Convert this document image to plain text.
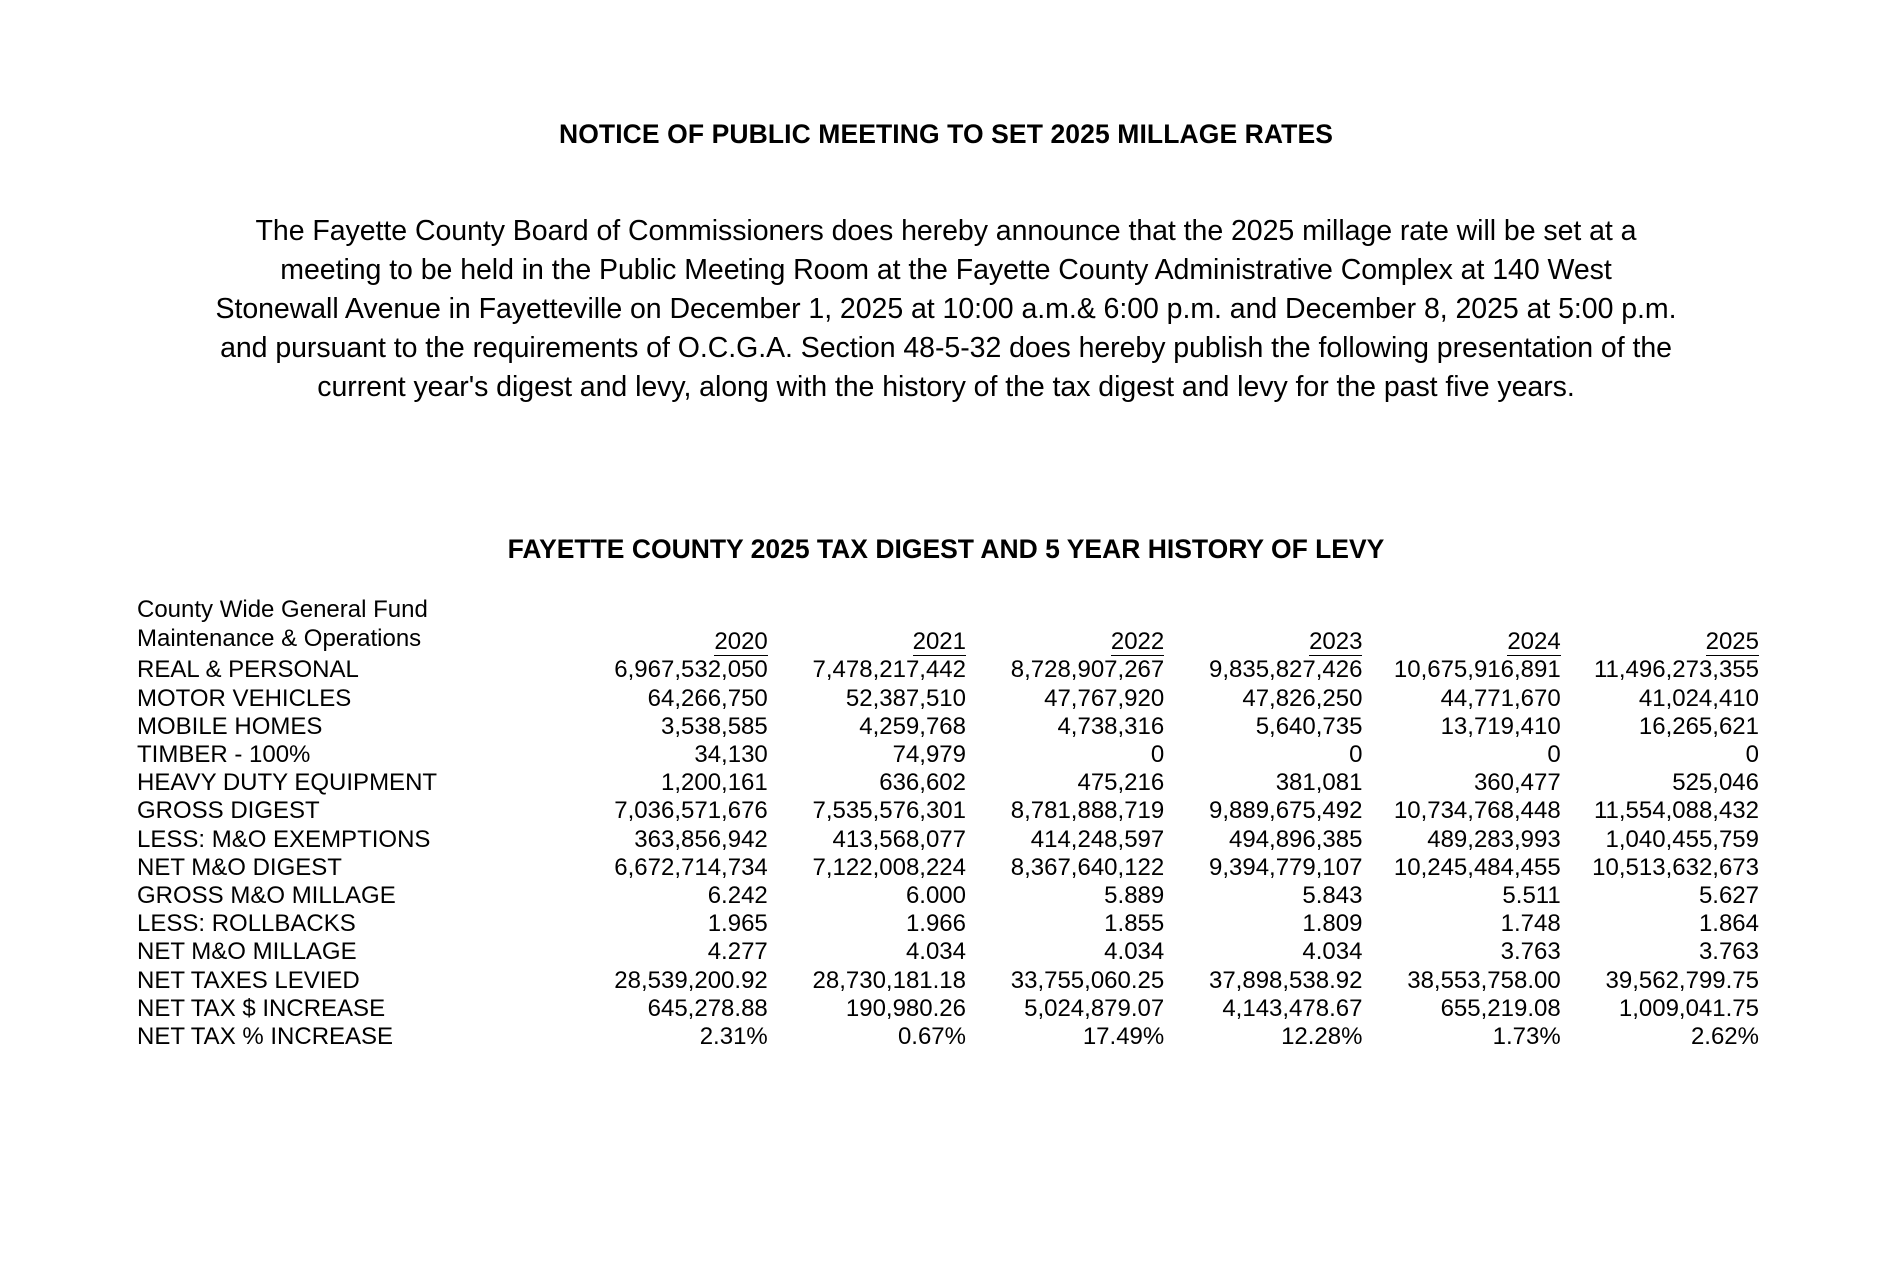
NOTICE OF PUBLIC MEETING TO SET 2025 MILLAGE RATES
The Fayette County Board of Commissioners does hereby announce that the 2025 millage rate will be set at a
meeting to be held in the Public Meeting Room at the Fayette County Administrative Complex at 140 West
Stonewall Avenue in Fayetteville on December 1, 2025 at 10:00 a.m.& 6:00 p.m. and December 8, 2025 at 5:00 p.m.
and pursuant to the requirements of O.C.G.A. Section 48-5-32 does hereby publish the following presentation of the
current year's digest and levy, along with the history of the tax digest and levy for the past five years.
FAYETTE COUNTY 2025 TAX DIGEST AND 5 YEAR HISTORY OF LEVY
County Wide General Fund						
Maintenance & Operations	2020	2021	2022	2023	2024	2025
REAL & PERSONAL	6,967,532,050	7,478,217,442	8,728,907,267	9,835,827,426	10,675,916,891	11,496,273,355
MOTOR VEHICLES	64,266,750	52,387,510	47,767,920	47,826,250	44,771,670	41,024,410
MOBILE HOMES	3,538,585	4,259,768	4,738,316	5,640,735	13,719,410	16,265,621
TIMBER - 100%	34,130	74,979	0	0	0	0
HEAVY DUTY EQUIPMENT	1,200,161	636,602	475,216	381,081	360,477	525,046
GROSS DIGEST	7,036,571,676	7,535,576,301	8,781,888,719	9,889,675,492	10,734,768,448	11,554,088,432
LESS: M&O EXEMPTIONS	363,856,942	413,568,077	414,248,597	494,896,385	489,283,993	1,040,455,759
NET M&O DIGEST	6,672,714,734	7,122,008,224	8,367,640,122	9,394,779,107	10,245,484,455	10,513,632,673
GROSS M&O MILLAGE	6.242	6.000	5.889	5.843	5.511	5.627
LESS: ROLLBACKS	1.965	1.966	1.855	1.809	1.748	1.864
NET M&O MILLAGE	4.277	4.034	4.034	4.034	3.763	3.763
NET TAXES LEVIED	28,539,200.92	28,730,181.18	33,755,060.25	37,898,538.92	38,553,758.00	39,562,799.75
NET TAX $ INCREASE	645,278.88	190,980.26	5,024,879.07	4,143,478.67	655,219.08	1,009,041.75
NET TAX % INCREASE	2.31%	0.67%	17.49%	12.28%	1.73%	2.62%
